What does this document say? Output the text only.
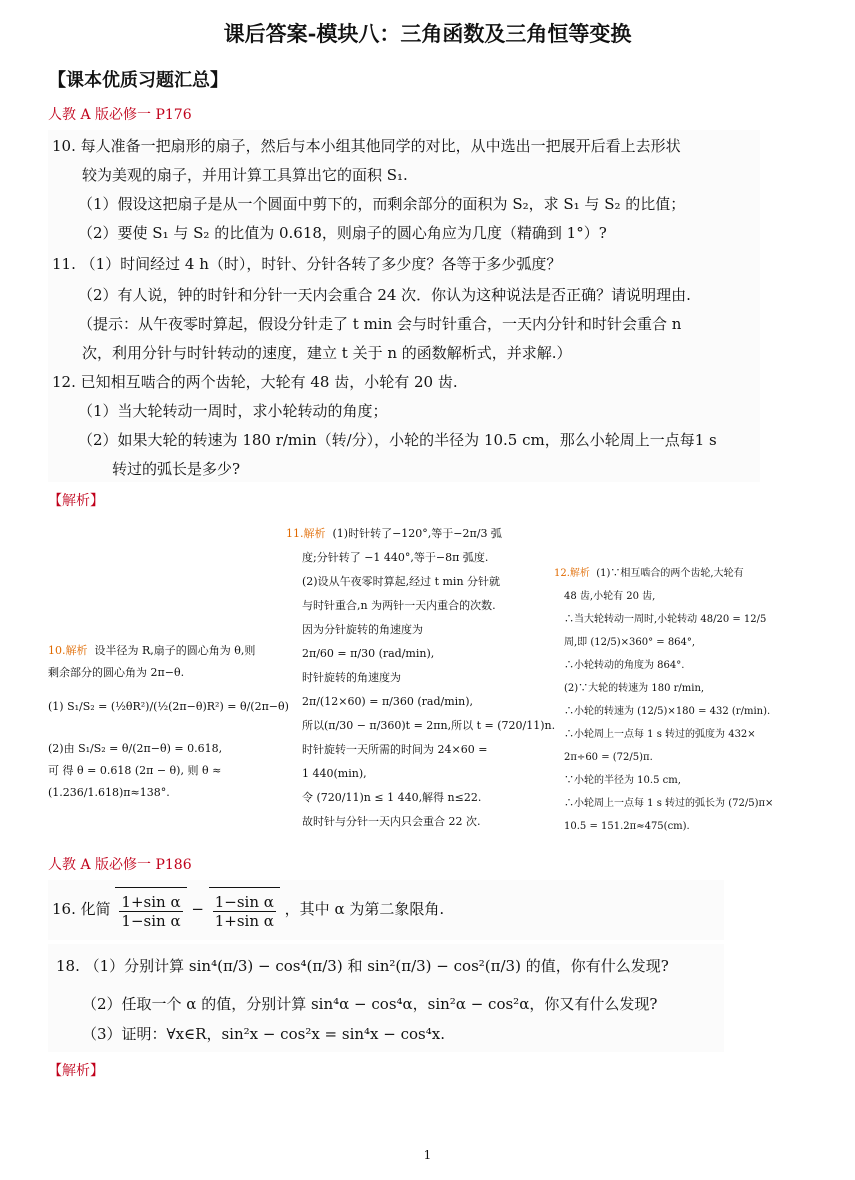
课后答案-模块八：三角函数及三角恒等变换
【课本优质习题汇总】
人教 A 版必修一 P176
10. 每人准备一把扇形的扇子，然后与本小组其他同学的对比，从中选出一把展开后看上去形状
较为美观的扇子，并用计算工具算出它的面积 S₁.
（1）假设这把扇子是从一个圆面中剪下的，而剩余部分的面积为 S₂，求 S₁ 与 S₂ 的比值；
（2）要使 S₁ 与 S₂ 的比值为 0.618，则扇子的圆心角应为几度（精确到 1°）?
11. （1）时间经过 4 h（时），时针、分针各转了多少度？各等于多少弧度？
（2）有人说，钟的时针和分针一天内会重合 24 次．你认为这种说法是否正确？请说明理由.
（提示：从午夜零时算起，假设分针走了 t min 会与时针重合，一天内分针和时针会重合 n
次，利用分针与时针转动的速度，建立 t 关于 n 的函数解析式，并求解.）
12. 已知相互啮合的两个齿轮，大轮有 48 齿，小轮有 20 齿.
（1）当大轮转动一周时，求小轮转动的角度；
（2）如果大轮的转速为 180 r/min（转/分），小轮的半径为 10.5 cm，那么小轮周上一点每1 s
转过的弧长是多少?
【解析】
10.解析 设半径为 R,扇子的圆心角为 θ,则
剩余部分的圆心角为 2π−θ.
(1) S₁/S₂ = (½θR²)/(½(2π−θ)R²) = θ/(2π−θ)
(2)由 S₁/S₂ = θ/(2π−θ) = 0.618,
可 得 θ = 0.618 (2π − θ), 则 θ ≈
(1.236/1.618)π≈138°.
11.解析 (1)时针转了−120°,等于−2π/3 弧
度;分针转了 −1 440°,等于−8π 弧度.
(2)设从午夜零时算起,经过 t min 分针就
与时针重合,n 为两针一天内重合的次数.
因为分针旋转的角速度为
2π/60 = π/30 (rad/min),
时针旋转的角速度为
2π/(12×60) = π/360 (rad/min),
所以(π/30 − π/360)t = 2πn,所以 t = (720/11)n.
时针旋转一天所需的时间为 24×60 =
1 440(min),
令 (720/11)n ≤ 1 440,解得 n≤22.
故时针与分针一天内只会重合 22 次.
12.解析 (1)∵相互啮合的两个齿轮,大轮有
48 齿,小轮有 20 齿,
∴当大轮转动一周时,小轮转动 48/20 = 12/5
周,即 (12/5)×360° = 864°,
∴小轮转动的角度为 864°.
(2)∵大轮的转速为 180 r/min,
∴小轮的转速为 (12/5)×180 = 432 (r/min).
∴小轮周上一点每 1 s 转过的弧度为 432×
2π÷60 = (72/5)π.
∵小轮的半径为 10.5 cm,
∴小轮周上一点每 1 s 转过的弧长为 (72/5)π×
10.5 = 151.2π≈475(cm).
人教 A 版必修一 P186
16. 化简 $\frac{\text{1+sin α}}{\text{1−sin α}} - \frac{\text{1−sin α}}{\text{1+sin α}}$ ，其中 α 为第二象限角.
18. （1）分别计算 sin⁴(π/3) − cos⁴(π/3) 和 sin²(π/3) − cos²(π/3) 的值，你有什么发现?
（2）任取一个 α 的值，分别计算 sin⁴α − cos⁴α，sin²α − cos²α，你又有什么发现?
（3）证明：∀x∈R，sin²x − cos²x = sin⁴x − cos⁴x.
【解析】
1
